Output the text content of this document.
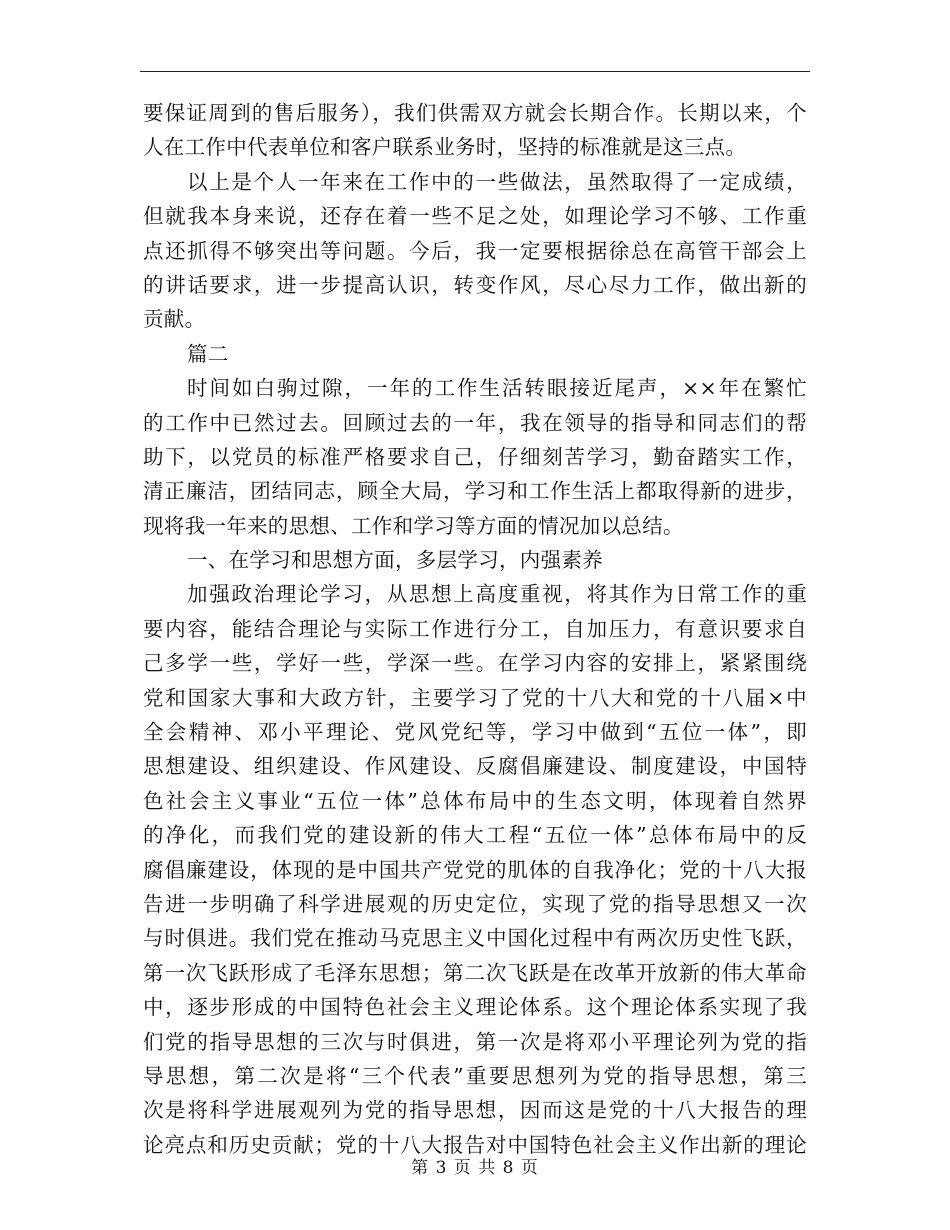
要保证周到的售后服务），我们供需双方就会长期合作。长期以来，个
人在工作中代表单位和客户联系业务时，坚持的标准就是这三点。
以上是个人一年来在工作中的一些做法，虽然取得了一定成绩，
但就我本身来说，还存在着一些不足之处，如理论学习不够、工作重
点还抓得不够突出等问题。今后，我一定要根据徐总在高管干部会上
的讲话要求，进一步提高认识，转变作风，尽心尽力工作，做出新的
贡献。
篇二
时间如白驹过隙，一年的工作生活转眼接近尾声，××年在繁忙
的工作中已然过去。回顾过去的一年，我在领导的指导和同志们的帮
助下，以党员的标准严格要求自己，仔细刻苦学习，勤奋踏实工作，
清正廉洁，团结同志，顾全大局，学习和工作生活上都取得新的进步，
现将我一年来的思想、工作和学习等方面的情况加以总结。
一、在学习和思想方面，多层学习，内强素养
加强政治理论学习，从思想上高度重视，将其作为日常工作的重
要内容，能结合理论与实际工作进行分工，自加压力，有意识要求自
己多学一些，学好一些，学深一些。在学习内容的安排上，紧紧围绕
党和国家大事和大政方针，主要学习了党的十八大和党的十八届×中
全会精神、邓小平理论、党风党纪等，学习中做到“五位一体”，即
思想建设、组织建设、作风建设、反腐倡廉建设、制度建设，中国特
色社会主义事业“五位一体”总体布局中的生态文明，体现着自然界
的净化，而我们党的建设新的伟大工程“五位一体”总体布局中的反
腐倡廉建设，体现的是中国共产党党的肌体的自我净化；党的十八大报
告进一步明确了科学进展观的历史定位，实现了党的指导思想又一次
与时俱进。我们党在推动马克思主义中国化过程中有两次历史性飞跃，
第一次飞跃形成了毛泽东思想；第二次飞跃是在改革开放新的伟大革命
中，逐步形成的中国特色社会主义理论体系。这个理论体系实现了我
们党的指导思想的三次与时俱进，第一次是将邓小平理论列为党的指
导思想，第二次是将“三个代表”重要思想列为党的指导思想，第三
次是将科学进展观列为党的指导思想，因而这是党的十八大报告的理
论亮点和历史贡献；党的十八大报告对中国特色社会主义作出新的理论
第 3 页 共 8 页
